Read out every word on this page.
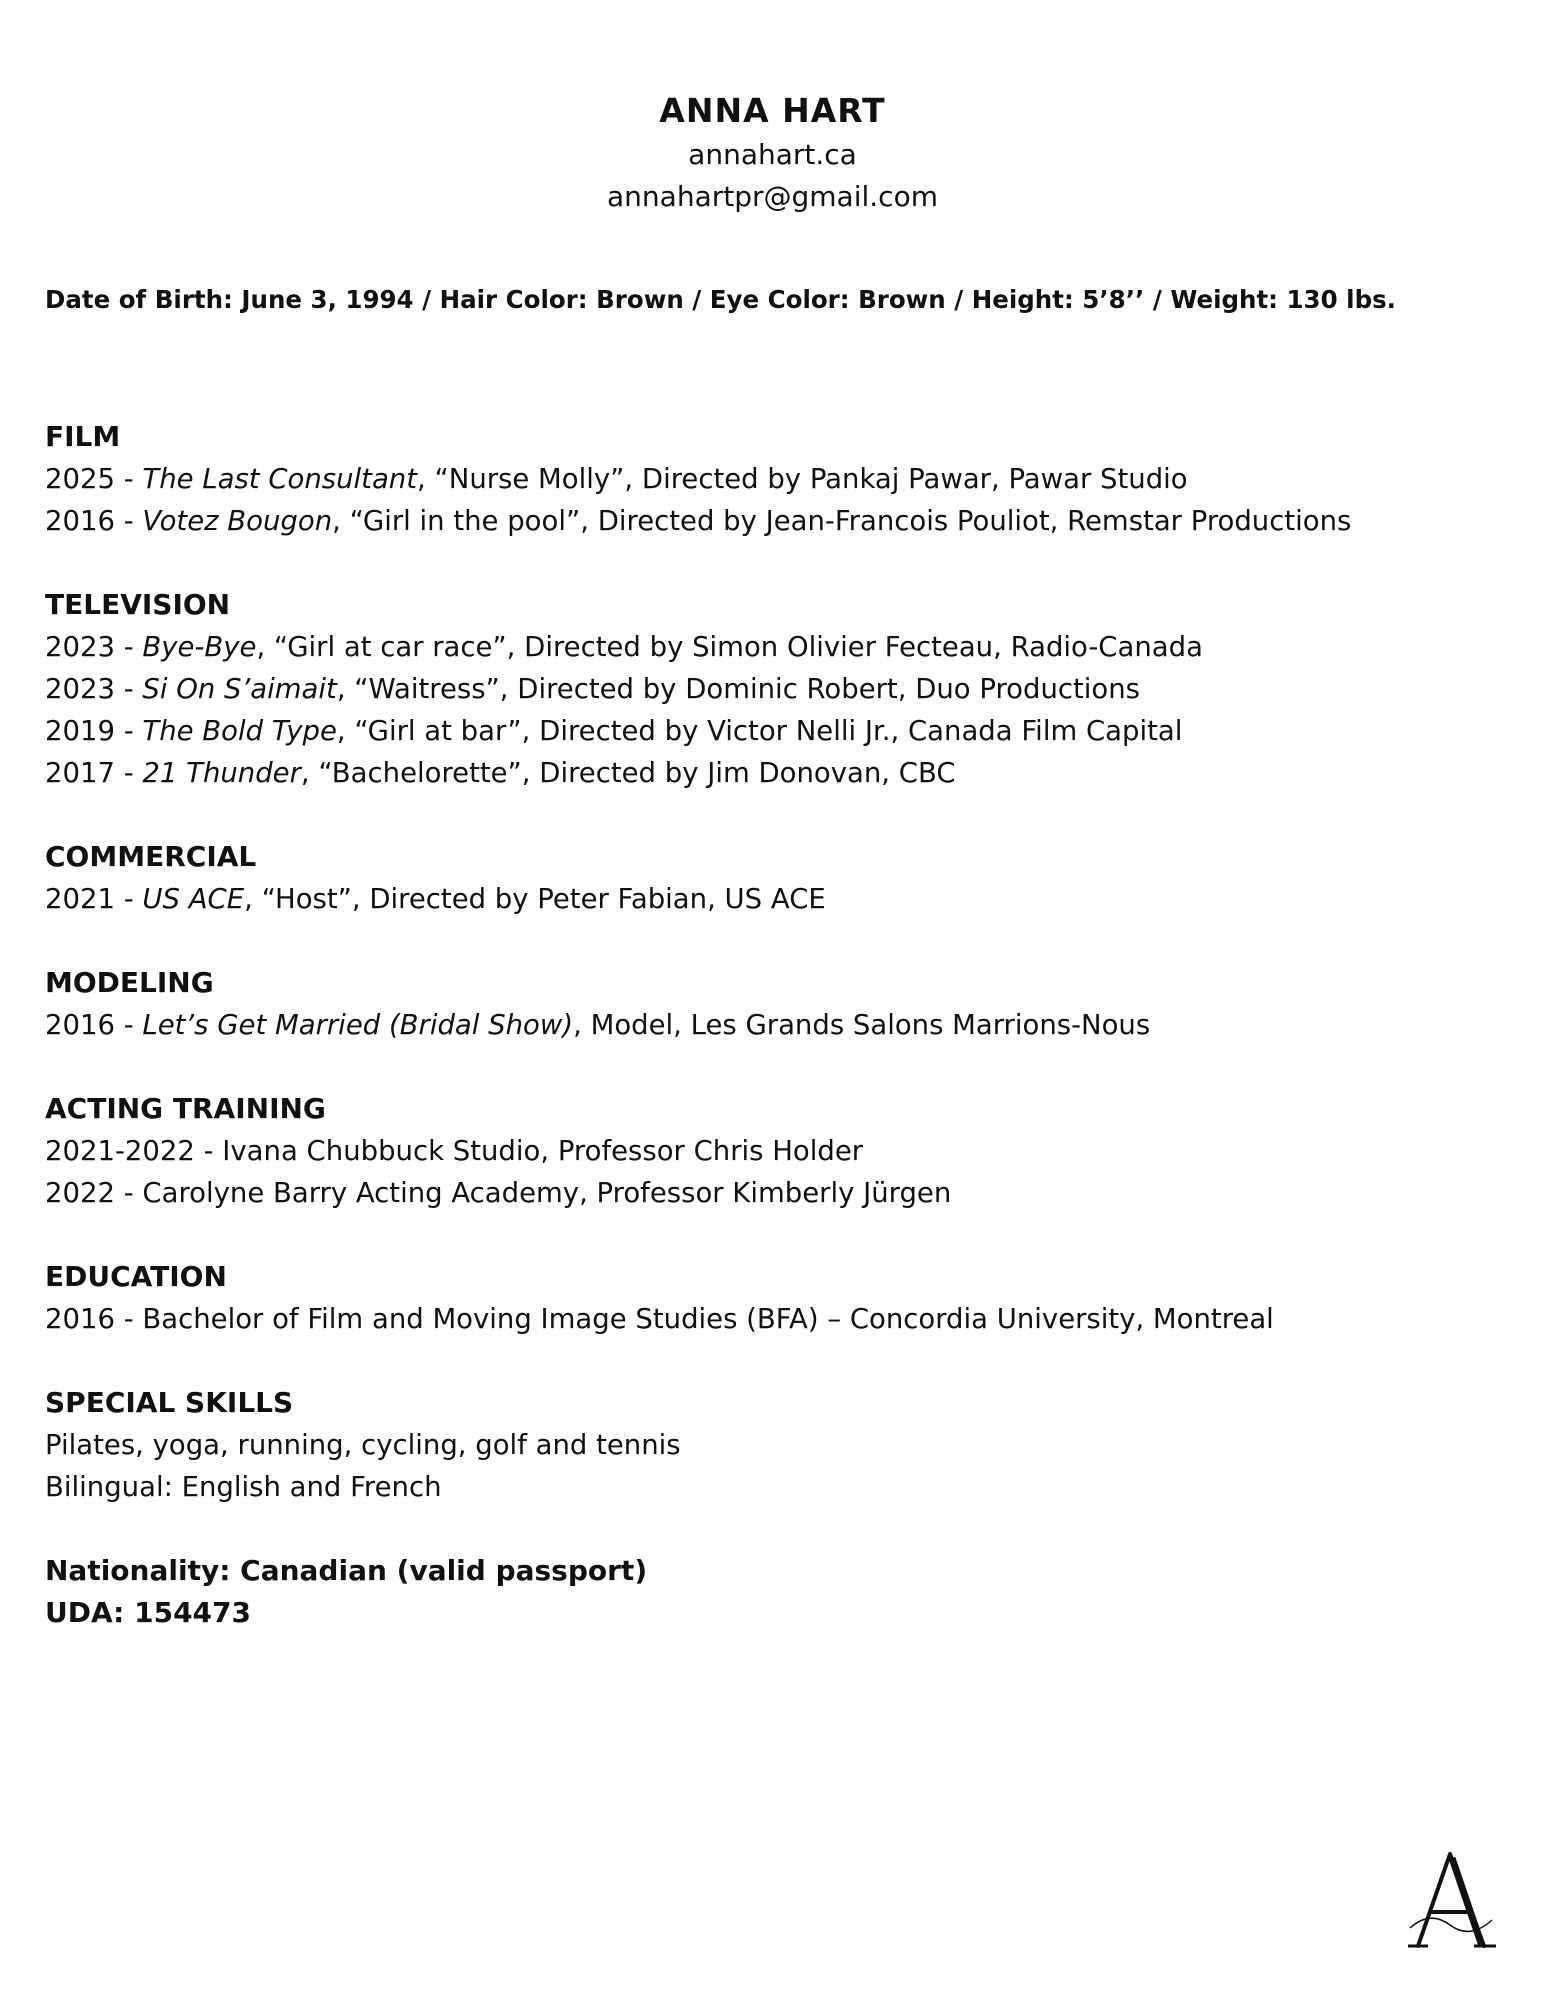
ANNA HART
annahart.ca
annahartpr@gmail.com
Date of Birth: June 3, 1994 / Hair Color: Brown / Eye Color: Brown / Height: 5’8’’ / Weight: 130 lbs.
FILM
2025 - The Last Consultant, “Nurse Molly”, Directed by Pankaj Pawar, Pawar Studio
2016 - Votez Bougon, “Girl in the pool”, Directed by Jean-Francois Pouliot, Remstar Productions
TELEVISION
2023 - Bye-Bye, “Girl at car race”, Directed by Simon Olivier Fecteau, Radio-Canada
2023 - Si On S’aimait, “Waitress”, Directed by Dominic Robert, Duo Productions
2019 - The Bold Type, “Girl at bar”, Directed by Victor Nelli Jr., Canada Film Capital
2017 - 21 Thunder, “Bachelorette”, Directed by Jim Donovan, CBC
COMMERCIAL
2021 - US ACE, “Host”, Directed by Peter Fabian, US ACE
MODELING
2016 - Let’s Get Married (Bridal Show), Model, Les Grands Salons Marrions-Nous
ACTING TRAINING
2021-2022 - Ivana Chubbuck Studio, Professor Chris Holder
2022 - Carolyne Barry Acting Academy, Professor Kimberly Jürgen
EDUCATION
2016 - Bachelor of Film and Moving Image Studies (BFA) – Concordia University, Montreal
SPECIAL SKILLS
Pilates, yoga, running, cycling, golf and tennis
Bilingual: English and French
Nationality: Canadian (valid passport)
UDA: 154473
